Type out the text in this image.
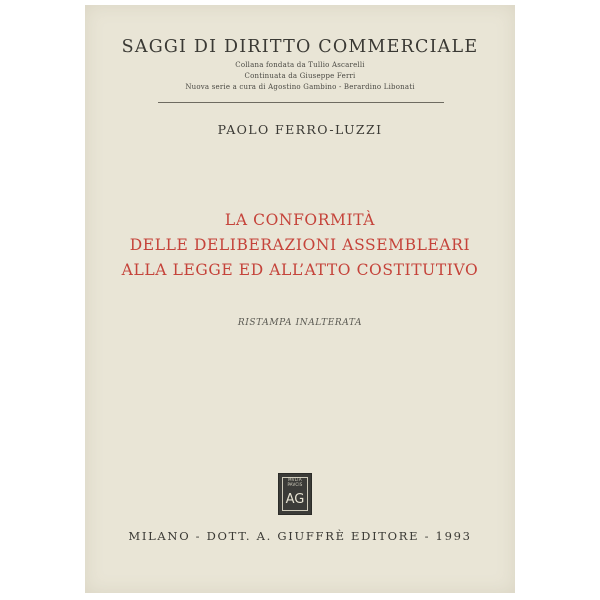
SAGGI DI DIRITTO COMMERCIALE
Collana fondata da Tullio Ascarelli
Continuata da Giuseppe Ferri
Nuova serie a cura di Agostino Gambino - Berardino Libonati
PAOLO FERRO-LUZZI
LA CONFORMITÀ
DELLE DELIBERAZIONI ASSEMBLEARI
ALLA LEGGE ED ALL’ATTO COSTITUTIVO
RISTAMPA INALTERATA
MVLTA
PAVCIS
AG
MILANO - DOTT. A. GIUFFRÈ EDITORE - 1993
